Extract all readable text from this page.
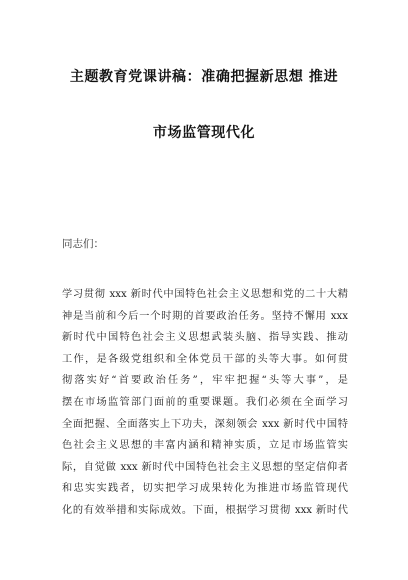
主题教育党课讲稿：准确把握新思想 推进
市场监管现代化
同志们：
学习贯彻 xxx 新时代中国特色社会主义思想和党的二十大精
神是当前和今后一个时期的首要政治任务。坚持不懈用 xxx
新时代中国特色社会主义思想武装头脑、指导实践、推动
工作，是各级党组织和全体党员干部的头等大事。如何贯
彻落实好“首要政治任务”，牢牢把握“头等大事”，是
摆在市场监管部门面前的重要课题。我们必须在全面学习
全面把握、全面落实上下功夫，深刻领会 xxx 新时代中国特
色社会主义思想的丰富内涵和精神实质，立足市场监管实
际，自觉做 xxx 新时代中国特色社会主义思想的坚定信仰者
和忠实实践者，切实把学习成果转化为推进市场监管现代
化的有效举措和实际成效。下面，根据学习贯彻 xxx 新时代
